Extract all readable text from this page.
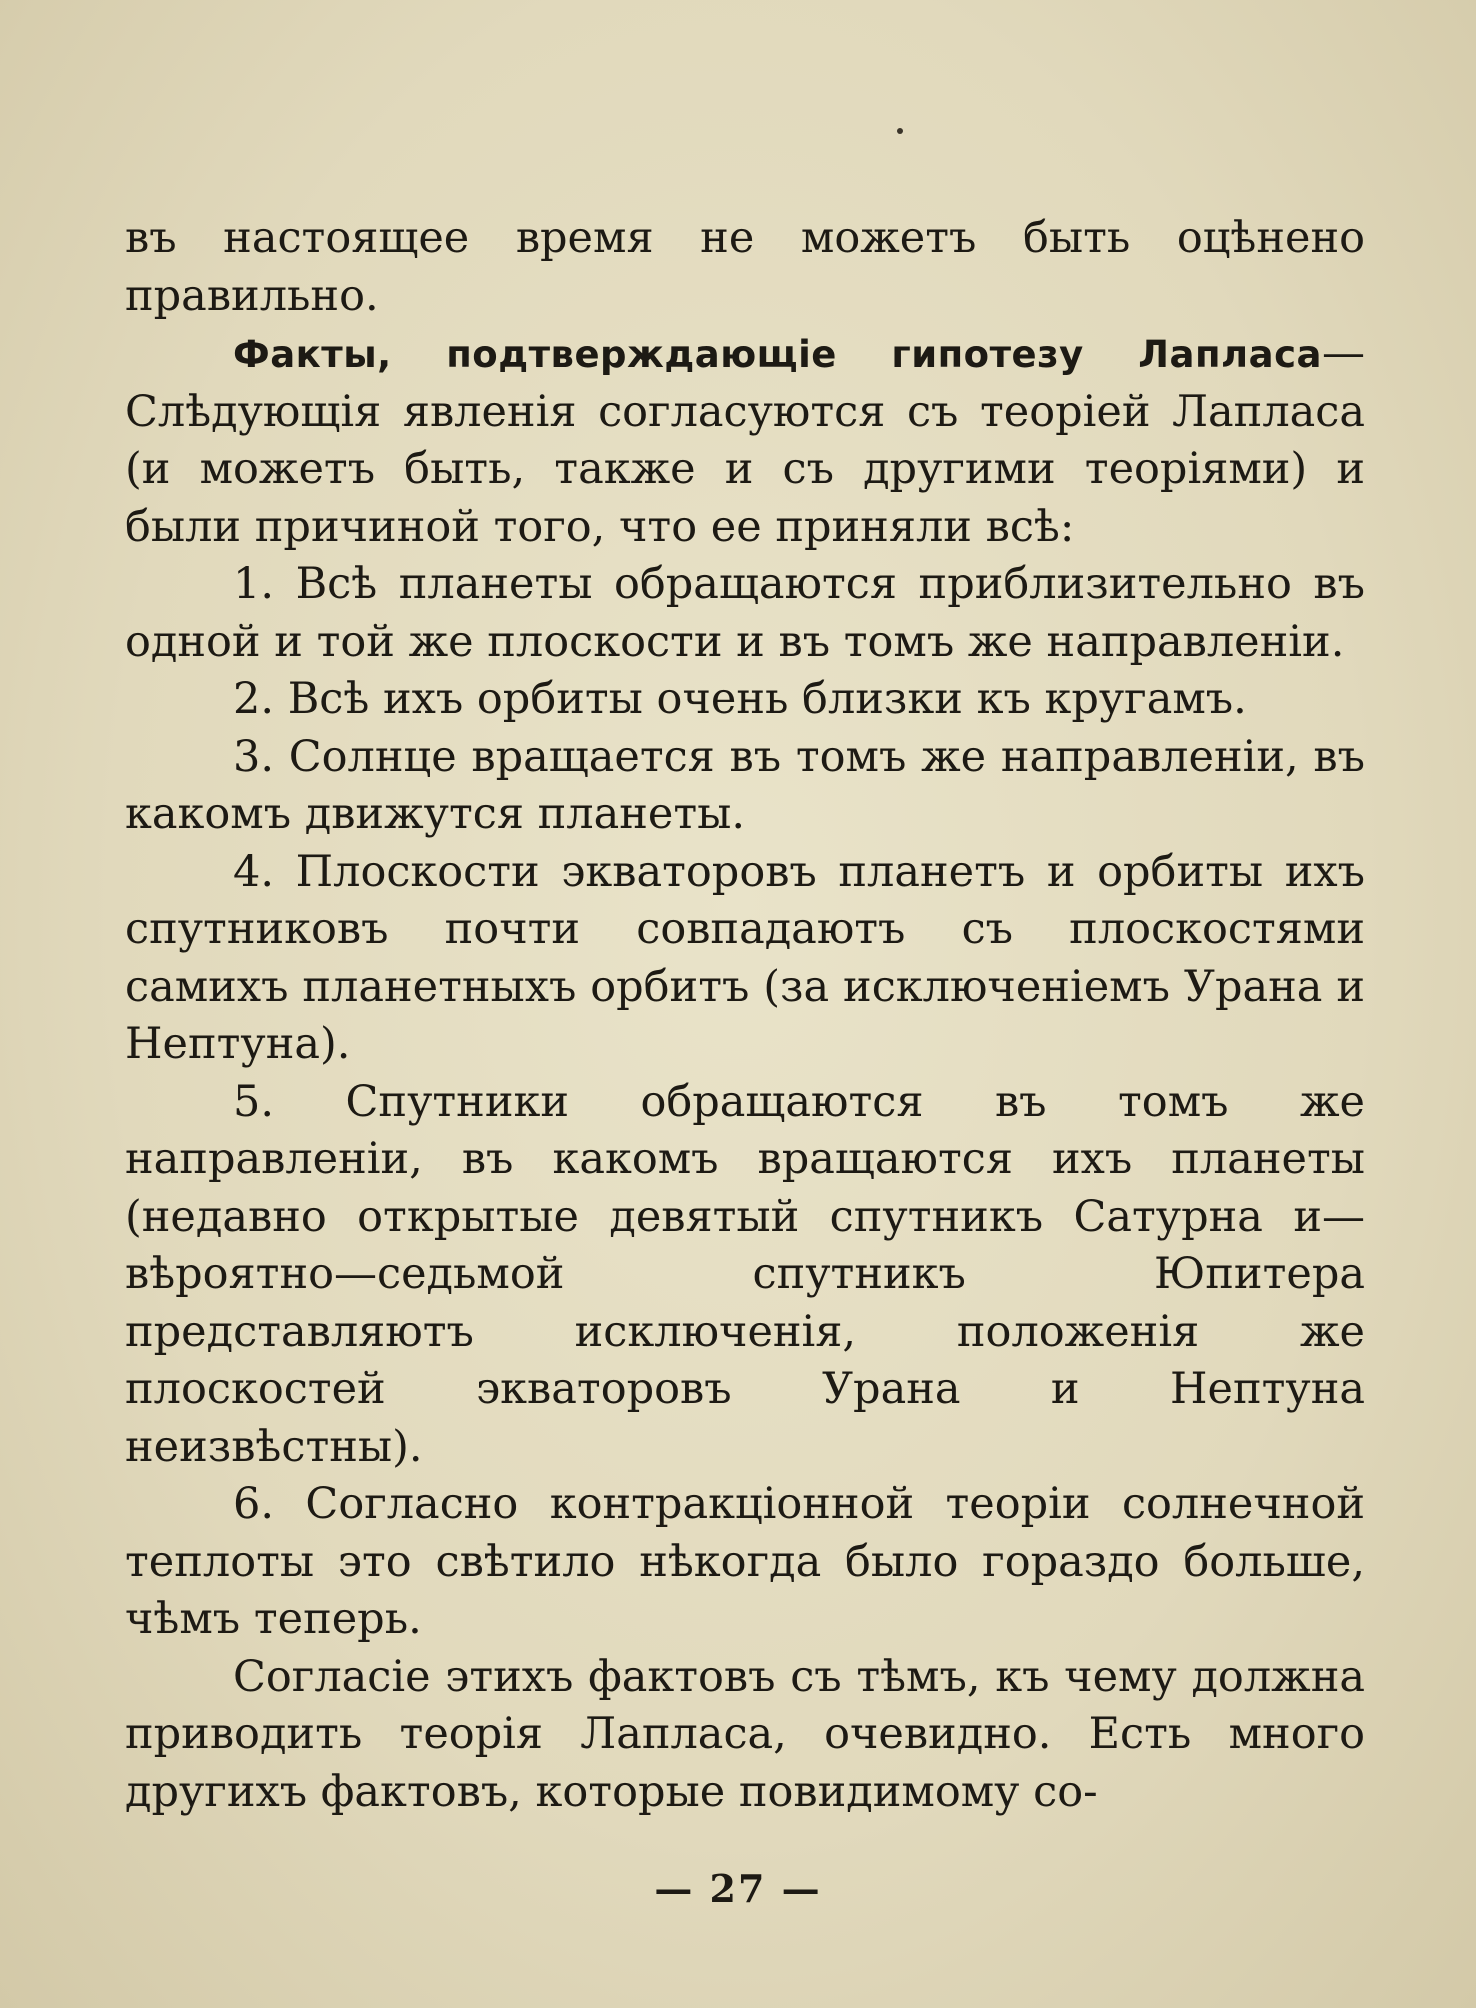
въ настоящее время не можетъ быть оцѣнено правильно.

Факты, подтверждающіе гипотезу Лапласа—Слѣдующія явленія согласуются съ теоріей Лапласа (и можетъ быть, также и съ другими теоріями) и были причиной того, что ее приняли всѣ:

1. Всѣ планеты обращаются приблизительно въ одной и той же плоскости и въ томъ же направленіи.

2. Всѣ ихъ орбиты очень близки къ кругамъ.

3. Солнце вращается въ томъ же направленіи, въ какомъ движутся планеты.

4. Плоскости экваторовъ планетъ и орбиты ихъ спутниковъ почти совпадаютъ съ плоскостями самихъ планетныхъ орбитъ (за исключеніемъ Урана и Нептуна).

5. Спутники обращаются въ томъ же направленіи, въ какомъ вращаются ихъ планеты (недавно открытые девятый спутникъ Сатурна и—вѣроятно—седьмой спутникъ Юпитера представляютъ исключенія, положенія же плоскостей экваторовъ Урана и Нептуна неизвѣстны).

6. Согласно контракціонной теоріи солнечной теплоты это свѣтило нѣкогда было гораздо больше, чѣмъ теперь.

Согласіе этихъ фактовъ съ тѣмъ, къ чему должна приводить теорія Лапласа, очевидно. Есть много другихъ фактовъ, которые повидимому со-

— 27 —
